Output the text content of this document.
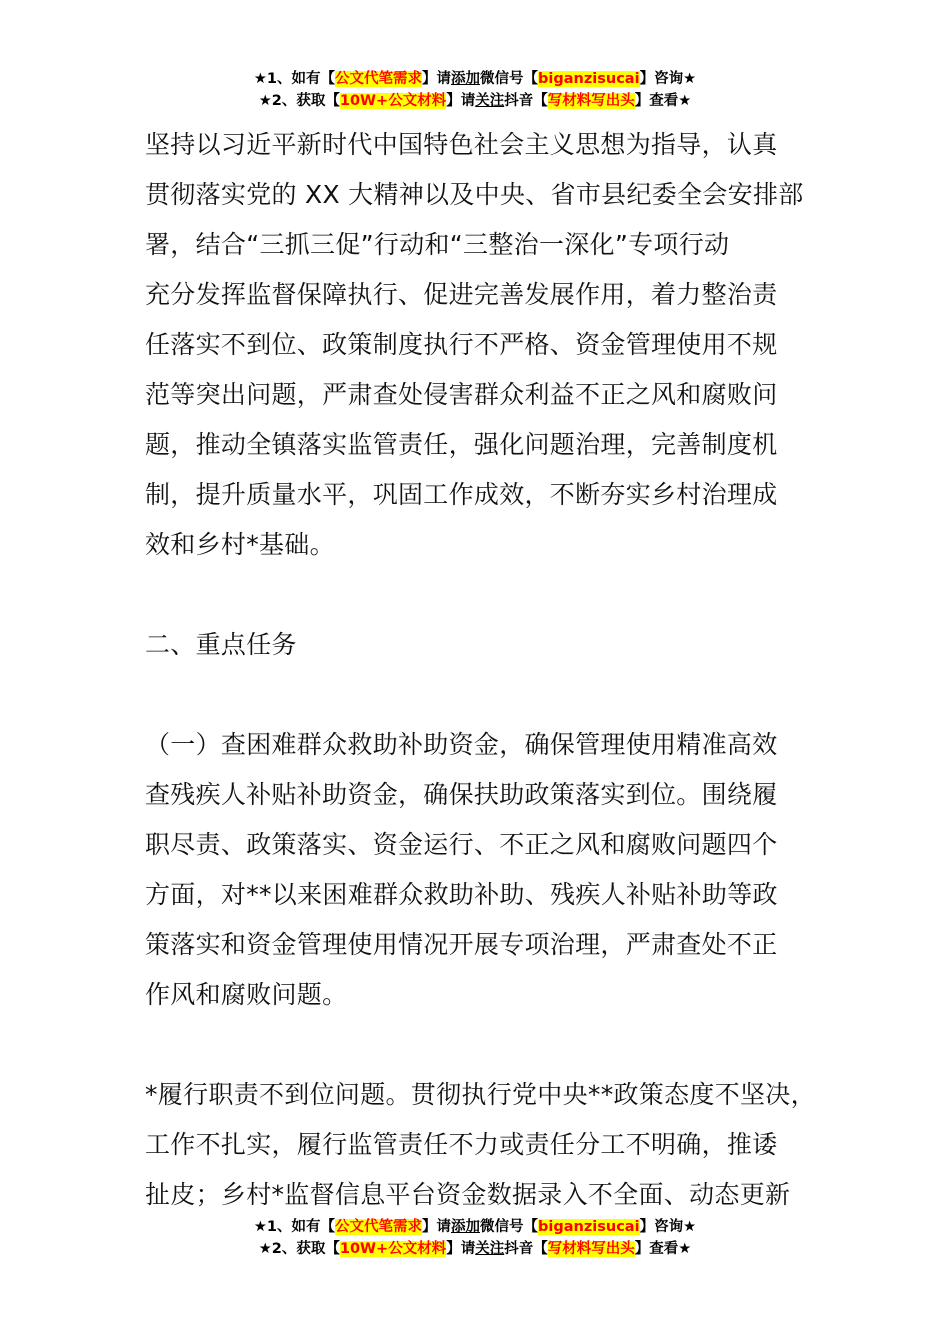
★1、如有【公文代笔需求】请添加微信号【biganzisucai】咨询★
★2、获取【10W+公文材料】请关注抖音【写材料写出头】查看★
坚持以习近平新时代中国特色社会主义思想为指导，认真
贯彻落实党的 XX 大精神以及中央、省市县纪委全会安排部
署，结合“三抓三促”行动和“三整治一深化”专项行动
充分发挥监督保障执行、促进完善发展作用，着力整治责
任落实不到位、政策制度执行不严格、资金管理使用不规
范等突出问题，严肃查处侵害群众利益不正之风和腐败问
题，推动全镇落实监管责任，强化问题治理，完善制度机
制，提升质量水平，巩固工作成效，不断夯实乡村治理成
效和乡村*基础。
二、重点任务
（一）查困难群众救助补助资金，确保管理使用精准高效
查残疾人补贴补助资金，确保扶助政策落实到位。围绕履
职尽责、政策落实、资金运行、不正之风和腐败问题四个
方面，对**以来困难群众救助补助、残疾人补贴补助等政
策落实和资金管理使用情况开展专项治理，严肃查处不正
作风和腐败问题。
*履行职责不到位问题。贯彻执行党中央**政策态度不坚决，
工作不扎实，履行监管责任不力或责任分工不明确，推诿
扯皮；乡村*监督信息平台资金数据录入不全面、动态更新
★1、如有【公文代笔需求】请添加微信号【biganzisucai】咨询★
★2、获取【10W+公文材料】请关注抖音【写材料写出头】查看★
